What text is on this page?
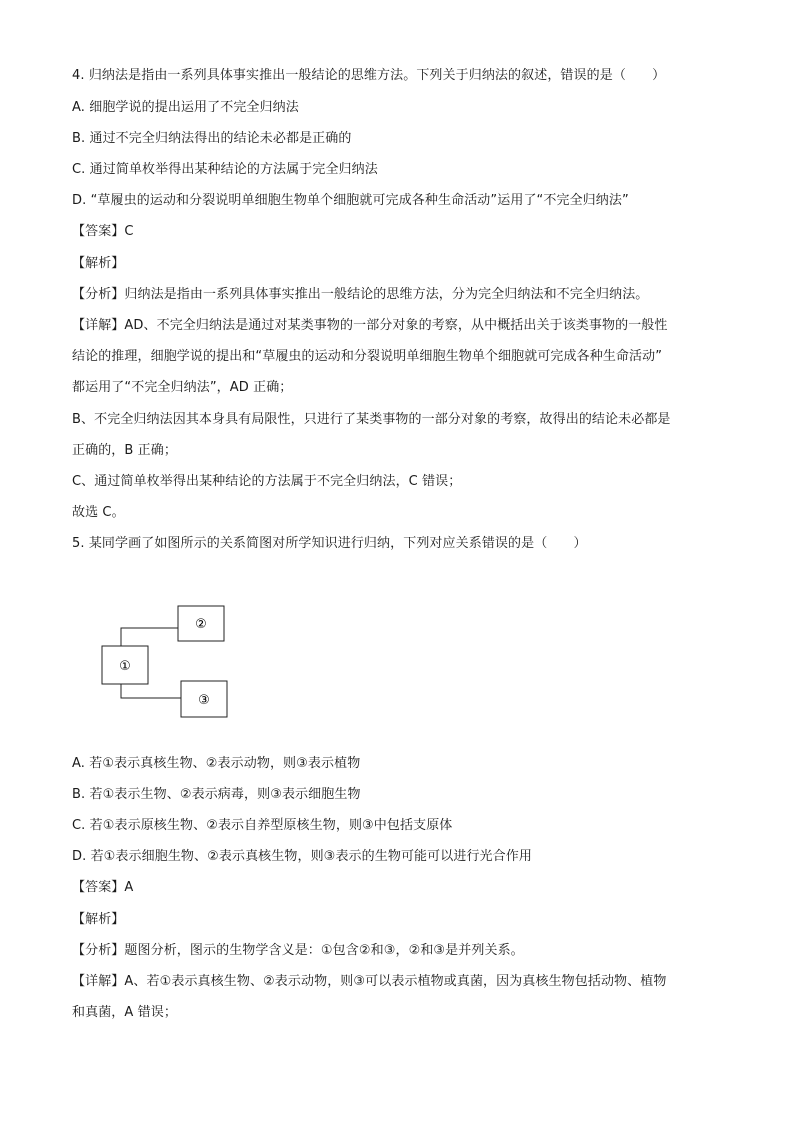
4. 归纳法是指由一系列具体事实推出一般结论的思维方法。下列关于归纳法的叙述，错误的是（　　）
A. 细胞学说的提出运用了不完全归纳法
B. 通过不完全归纳法得出的结论未必都是正确的
C. 通过简单枚举得出某种结论的方法属于完全归纳法
D. “草履虫的运动和分裂说明单细胞生物单个细胞就可完成各种生命活动”运用了“不完全归纳法”
【答案】C
【解析】
【分析】归纳法是指由一系列具体事实推出一般结论的思维方法，分为完全归纳法和不完全归纳法。
【详解】AD、不完全归纳法是通过对某类事物的一部分对象的考察，从中概括出关于该类事物的一般性
结论的推理，细胞学说的提出和“草履虫的运动和分裂说明单细胞生物单个细胞就可完成各种生命活动”
都运用了“不完全归纳法”，AD 正确；
B、不完全归纳法因其本身具有局限性，只进行了某类事物的一部分对象的考察，故得出的结论未必都是
正确的，B 正确；
C、通过简单枚举得出某种结论的方法属于不完全归纳法，C 错误；
故选 C。
5. 某同学画了如图所示的关系简图对所学知识进行归纳，下列对应关系错误的是（　　）
②
①
③
A. 若①表示真核生物、②表示动物，则③表示植物
B. 若①表示生物、②表示病毒，则③表示细胞生物
C. 若①表示原核生物、②表示自养型原核生物，则③中包括支原体
D. 若①表示细胞生物、②表示真核生物，则③表示的生物可能可以进行光合作用
【答案】A
【解析】
【分析】题图分析，图示的生物学含义是：①包含②和③，②和③是并列关系。
【详解】A、若①表示真核生物、②表示动物，则③可以表示植物或真菌，因为真核生物包括动物、植物
和真菌，A 错误；
